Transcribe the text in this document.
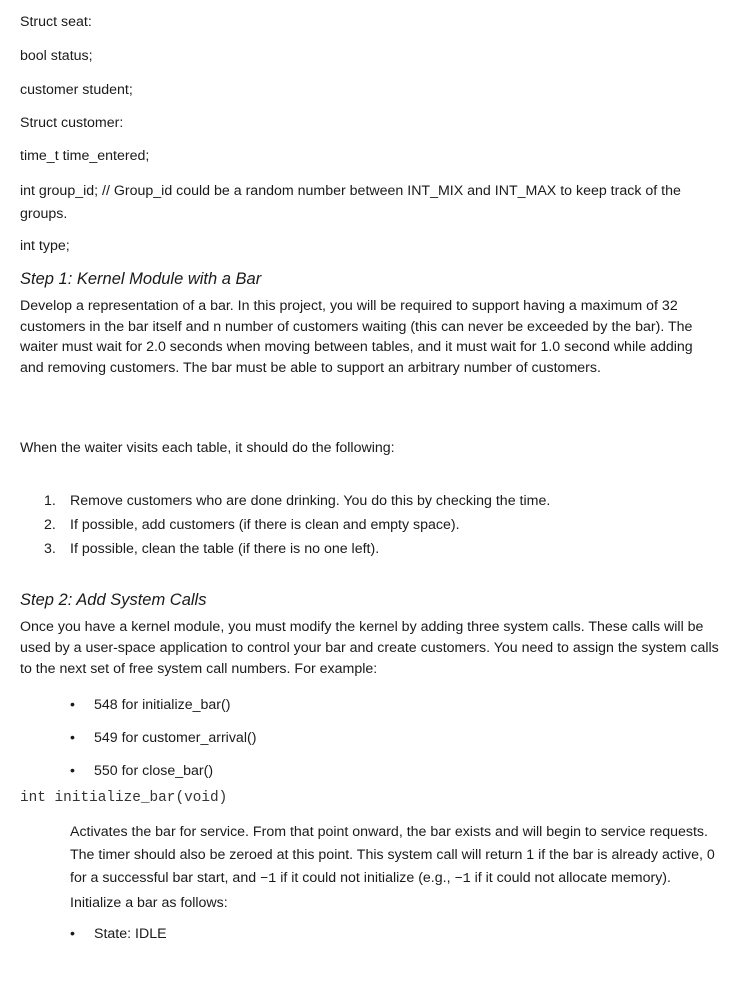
Struct seat:
bool status;
customer student;
Struct customer:
time_t time_entered;
int group_id; // Group_id could be a random number between INT_MIX and INT_MAX to keep track of the groups.
int type;
Step 1: Kernel Module with a Bar
Develop a representation of a bar. In this project, you will be required to support having a maximum of 32 customers in the bar itself and n number of customers waiting (this can never be exceeded by the bar). The waiter must wait for 2.0 seconds when moving between tables, and it must wait for 1.0 second while adding and removing customers. The bar must be able to support an arbitrary number of customers.
When the waiter visits each table, it should do the following:
1. Remove customers who are done drinking. You do this by checking the time.
2. If possible, add customers (if there is clean and empty space).
3. If possible, clean the table (if there is no one left).
Step 2: Add System Calls
Once you have a kernel module, you must modify the kernel by adding three system calls. These calls will be used by a user-space application to control your bar and create customers. You need to assign the system calls to the next set of free system call numbers. For example:
• 548 for initialize_bar()
• 549 for customer_arrival()
• 550 for close_bar()
int initialize_bar(void)
Activates the bar for service. From that point onward, the bar exists and will begin to service requests. The timer should also be zeroed at this point. This system call will return 1 if the bar is already active, 0 for a successful bar start, and −1 if it could not initialize (e.g., −1 if it could not allocate memory). Initialize a bar as follows:
• State: IDLE
